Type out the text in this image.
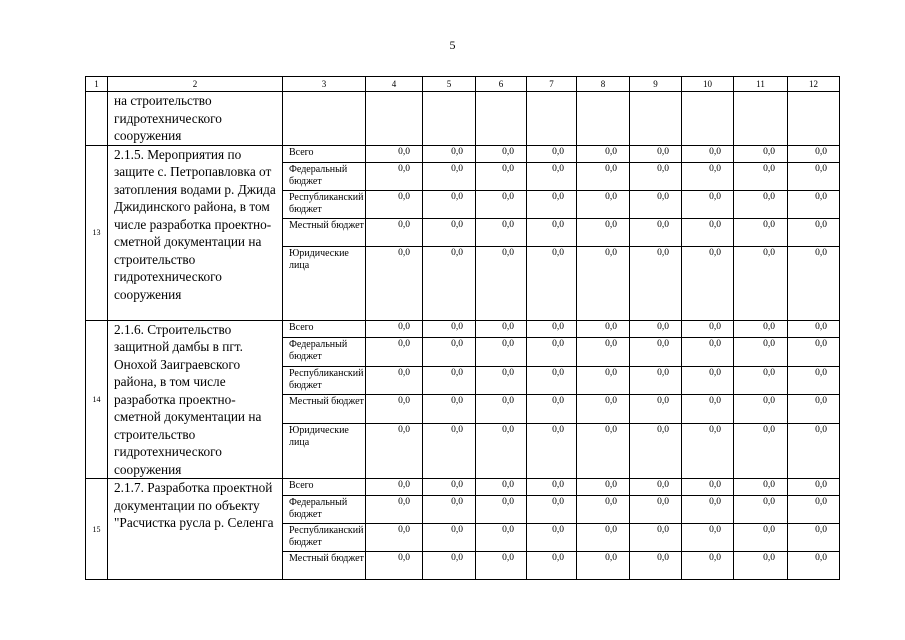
5
1	2	3	4	5	6	7	8	9	10	11	12
	на строительство гидротехнического сооружения										
13	2.1.5. Мероприятия по защите с. Петропавловка от затопления водами р. Джида Джидинского района, в том числе разработка проектно-сметной документации на строительство гидротехнического сооружения	Всего	0,0	0,0	0,0	0,0	0,0	0,0	0,0	0,0	0,0
		Федеральный бюджет	0,0	0,0	0,0	0,0	0,0	0,0	0,0	0,0	0,0
		Республиканский бюджет	0,0	0,0	0,0	0,0	0,0	0,0	0,0	0,0	0,0
		Местный бюджет	0,0	0,0	0,0	0,0	0,0	0,0	0,0	0,0	0,0
		Юридические лица	0,0	0,0	0,0	0,0	0,0	0,0	0,0	0,0	0,0
14	2.1.6. Строительство защитной дамбы в пгт. Онохой Заиграевского района, в том числе разработка проектно-сметной документации на строительство гидротехнического сооружения	Всего	0,0	0,0	0,0	0,0	0,0	0,0	0,0	0,0	0,0
		Федеральный бюджет	0,0	0,0	0,0	0,0	0,0	0,0	0,0	0,0	0,0
		Республиканский бюджет	0,0	0,0	0,0	0,0	0,0	0,0	0,0	0,0	0,0
		Местный бюджет	0,0	0,0	0,0	0,0	0,0	0,0	0,0	0,0	0,0
		Юридические лица	0,0	0,0	0,0	0,0	0,0	0,0	0,0	0,0	0,0
15	2.1.7. Разработка проектной документации по объекту "Расчистка русла р. Селенга	Всего	0,0	0,0	0,0	0,0	0,0	0,0	0,0	0,0	0,0
		Федеральный бюджет	0,0	0,0	0,0	0,0	0,0	0,0	0,0	0,0	0,0
		Республиканский бюджет	0,0	0,0	0,0	0,0	0,0	0,0	0,0	0,0	0,0
		Местный бюджет	0,0	0,0	0,0	0,0	0,0	0,0	0,0	0,0	0,0
